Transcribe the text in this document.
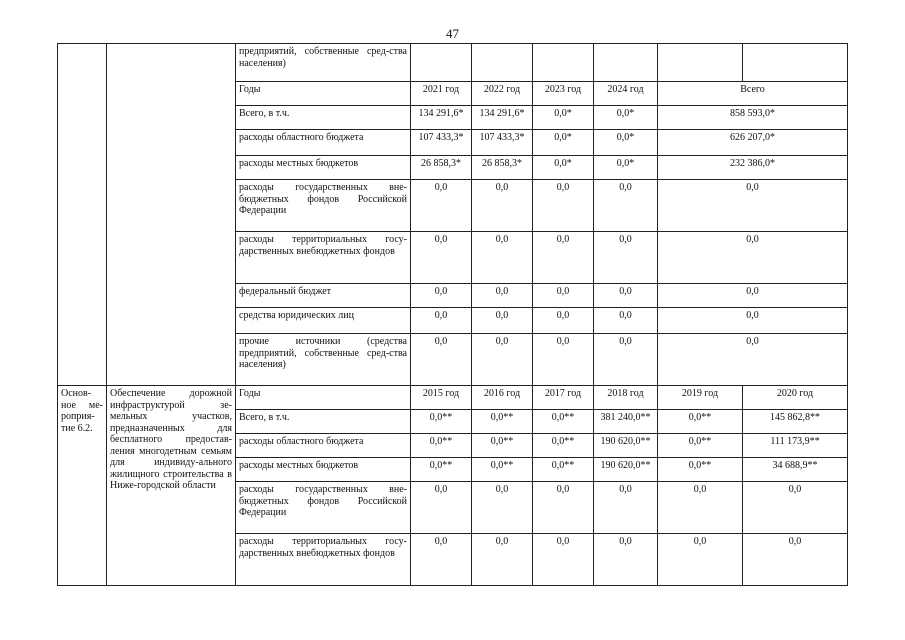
47
		предприятий, собственные сред-ства населения)						
		Годы	2021 год	2022 год	2023 год	2024 год	Всего	
		Всего, в т.ч.	134 291,6*	134 291,6*	0,0*	0,0*	858 593,0*	
		расходы областного бюджета	107 433,3*	107 433,3*	0,0*	0,0*	626 207,0*	
		расходы местных бюджетов	26 858,3*	26 858,3*	0,0*	0,0*	232 386,0*	
		расходы государственных вне-бюджетных фондов Российской Федерации	0,0	0,0	0,0	0,0	0,0	
		расходы территориальных госу-дарственных внебюджетных фондов	0,0	0,0	0,0	0,0	0,0	
		федеральный бюджет	0,0	0,0	0,0	0,0	0,0	
		средства юридических лиц	0,0	0,0	0,0	0,0	0,0	
		прочие источники (средства предприятий, собственные сред-ства населения)	0,0	0,0	0,0	0,0	0,0	
Основ-ное ме-роприя-тие 6.2.	Обеспечение дорожной инфраструктурой зе-мельных участков, предназначенных для бесплатного предостав-ления многодетным семьям для индивиду-ального жилищного строительства в Ниже-городской области	Годы	2015 год	2016 год	2017 год	2018 год	2019 год	2020 год
		Всего, в т.ч.	0,0**	0,0**	0,0**	381 240,0**	0,0**	145 862,8**
		расходы областного бюджета	0,0**	0,0**	0,0**	190 620,0**	0,0**	111 173,9**
		расходы местных бюджетов	0,0**	0,0**	0,0**	190 620,0**	0,0**	34 688,9**
		расходы государственных вне-бюджетных фондов Российской Федерации	0,0	0,0	0,0	0,0	0,0	0,0
		расходы территориальных госу-дарственных внебюджетных фондов	0,0	0,0	0,0	0,0	0,0	0,0
